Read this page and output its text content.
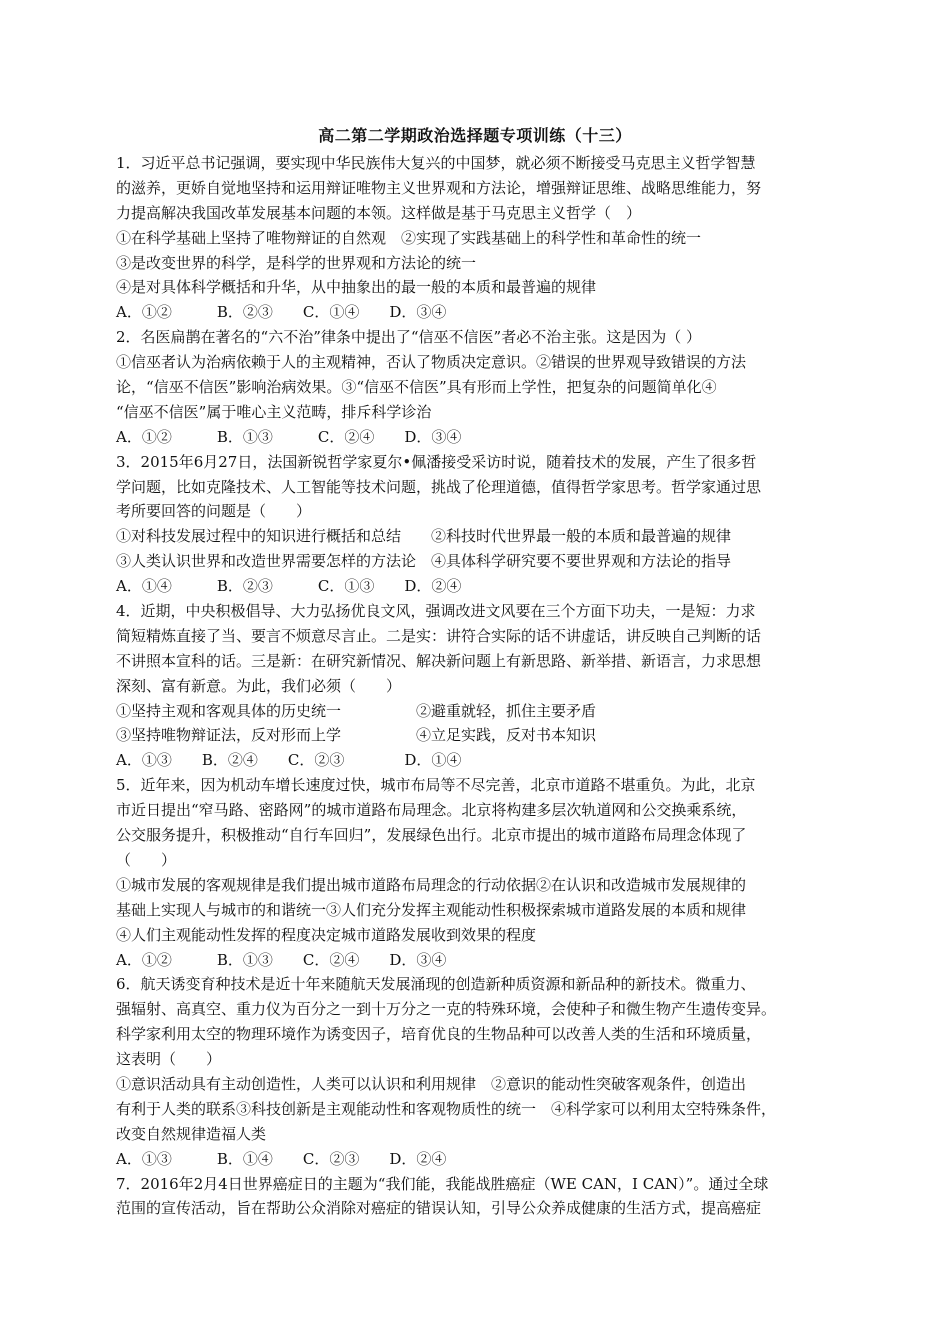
高二第二学期政治选择题专项训练（十三）
1．习近平总书记强调，要实现中华民族伟大复兴的中国梦，就必须不断接受马克思主义哲学智慧
的滋养，更娇自觉地坚持和运用辩证唯物主义世界观和方法论，增强辩证思维、战略思维能力，努
力提高解决我国改革发展基本问题的本领。这样做是基于马克思主义哲学（　）
①在科学基础上坚持了唯物辩证的自然观　②实现了实践基础上的科学性和革命性的统一
③是改变世界的科学，是科学的世界观和方法论的统一
④是对具体科学概括和升华，从中抽象出的最一般的本质和最普遍的规律
A．①②　　　B．②③　　C．①④　　D．③④
2．名医扁鹊在著名的“六不治”律条中提出了“信巫不信医”者必不治主张。这是因为（ ）
①信巫者认为治病依赖于人的主观精神，否认了物质决定意识。②错误的世界观导致错误的方法
论，“信巫不信医”影响治病效果。③“信巫不信医”具有形而上学性，把复杂的问题简单化④
“信巫不信医”属于唯心主义范畴，排斥科学诊治
A．①②　　　B．①③　　　C．②④　　D．③④
3．2015年6月27日，法国新锐哲学家夏尔•佩潘接受采访时说，随着技术的发展，产生了很多哲
学问题，比如克隆技术、人工智能等技术问题，挑战了伦理道德，值得哲学家思考。哲学家通过思
考所要回答的问题是（　　）
①对科技发展过程中的知识进行概括和总结　　②科技时代世界最一般的本质和最普遍的规律
③人类认识世界和改造世界需要怎样的方法论　④具体科学研究要不要世界观和方法论的指导
A．①④　　　B．②③　　　C．①③　　D．②④
4．近期，中央积极倡导、大力弘扬优良文风，强调改进文风要在三个方面下功夫，一是短：力求
简短精炼直接了当、要言不烦意尽言止。二是实：讲符合实际的话不讲虚话，讲反映自己判断的话
不讲照本宣科的话。三是新：在研究新情况、解决新问题上有新思路、新举措、新语言，力求思想
深刻、富有新意。为此，我们必须（　　）
①坚持主观和客观具体的历史统一　　　　　②避重就轻，抓住主要矛盾
③坚持唯物辩证法，反对形而上学　　　　　④立足实践，反对书本知识
A．①③　　B．②④　　C．②③　　　　D．①④
5．近年来，因为机动车增长速度过快，城市布局等不尽完善，北京市道路不堪重负。为此，北京
市近日提出“窄马路、密路网”的城市道路布局理念。北京将构建多层次轨道网和公交换乘系统，
公交服务提升，积极推动“自行车回归”，发展绿色出行。北京市提出的城市道路布局理念体现了
（　　）
①城市发展的客观规律是我们提出城市道路布局理念的行动依据②在认识和改造城市发展规律的
基础上实现人与城市的和谐统一③人们充分发挥主观能动性积极探索城市道路发展的本质和规律
④人们主观能动性发挥的程度决定城市道路发展收到效果的程度
A．①②　　　B．①③　　C．②④　　D．③④
6．航天诱变育种技术是近十年来随航天发展涌现的创造新种质资源和新品种的新技术。微重力、
强辐射、高真空、重力仪为百分之一到十万分之一克的特殊环境，会使种子和微生物产生遗传变异。
科学家利用太空的物理环境作为诱变因子，培育优良的生物品种可以改善人类的生活和环境质量，
这表明（　　）
①意识活动具有主动创造性，人类可以认识和利用规律　②意识的能动性突破客观条件，创造出
有利于人类的联系③科技创新是主观能动性和客观物质性的统一　④科学家可以利用太空特殊条件，
改变自然规律造福人类
A．①③　　　B．①④　　C．②③　　D．②④
7．2016年2月4日世界癌症日的主题为“我们能，我能战胜癌症（WE CAN，I CAN）”。通过全球
范围的宣传活动，旨在帮助公众消除对癌症的错误认知，引导公众养成健康的生活方式，提高癌症
